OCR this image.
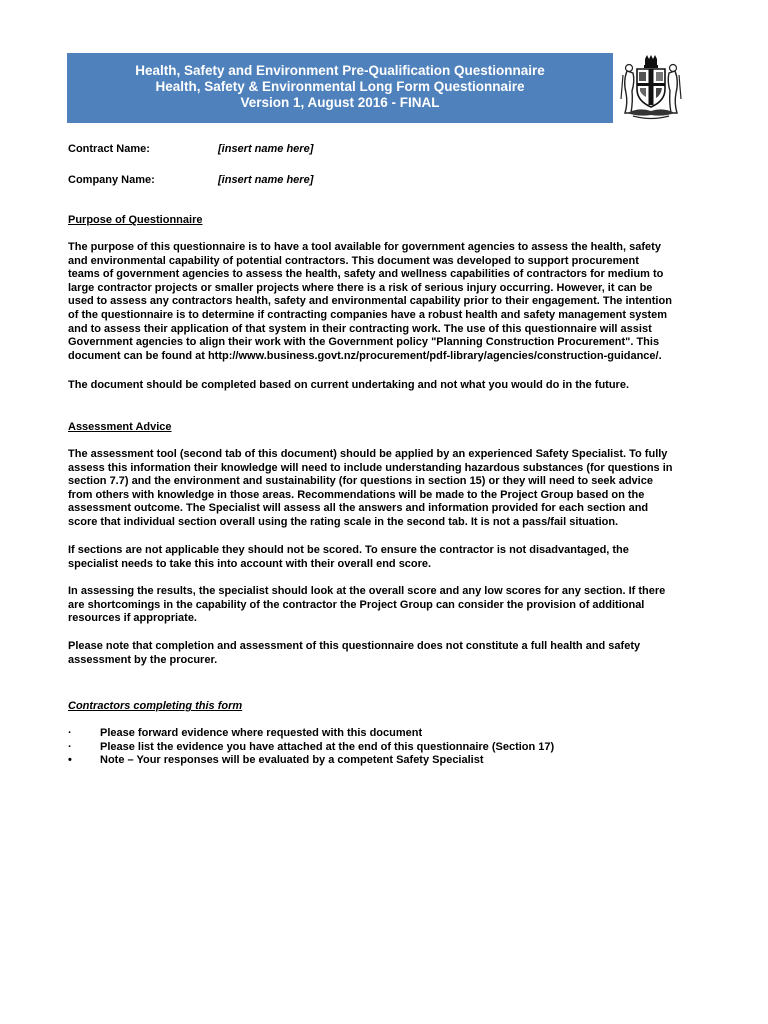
Health, Safety and Environment Pre-Qualification Questionnaire
Health, Safety & Environmental Long Form Questionnaire
Version 1, August 2016 - FINAL
Contract Name:	[insert name here]
Company Name:	[insert name here]
Purpose of Questionnaire
The purpose of this questionnaire is to have a tool available for government agencies to assess the health, safety
and environmental capability of potential contractors. This document was developed to support procurement
teams of government agencies to assess the health, safety and wellness capabilities of contractors for medium to
large contractor projects or smaller projects where there is a risk of serious injury occurring. However, it can be
used to assess any contractors health, safety and environmental capability prior to their engagement. The intention
of the questionnaire is to determine if contracting companies have a robust health and safety management system
and to assess their application of that system in their contracting work. The use of this questionnaire will assist
Government agencies to align their work with the Government policy "Planning Construction Procurement". This
document can be found at http://www.business.govt.nz/procurement/pdf-library/agencies/construction-guidance/.
The document should be completed based on current undertaking and not what you would do in the future.
Assessment Advice
The assessment tool (second tab of this document) should be applied by an experienced Safety Specialist. To fully
assess this information their knowledge will need to include understanding hazardous substances (for questions in
section 7.7) and the environment and sustainability (for questions in section 15) or they will need to seek advice
from others with knowledge in those areas. Recommendations will be made to the Project Group based on the
assessment outcome. The Specialist will assess all the answers and information provided for each section and
score that individual section overall using the rating scale in the second tab. It is not a pass/fail situation.
If sections are not applicable they should not be scored. To ensure the contractor is not disadvantaged, the
specialist needs to take this into account with their overall end score.
In assessing the results, the specialist should look at the overall score and any low scores for any section. If there
are shortcomings in the capability of the contractor the Project Group can consider the provision of additional
resources if appropriate.
Please note that completion and assessment of this questionnaire does not constitute a full health and safety
assessment by the procurer.
Contractors completing this form
·	Please forward evidence where requested with this document
·	Please list the evidence you have attached at the end of this questionnaire (Section 17)
•	Note – Your responses will be evaluated by a competent Safety Specialist
